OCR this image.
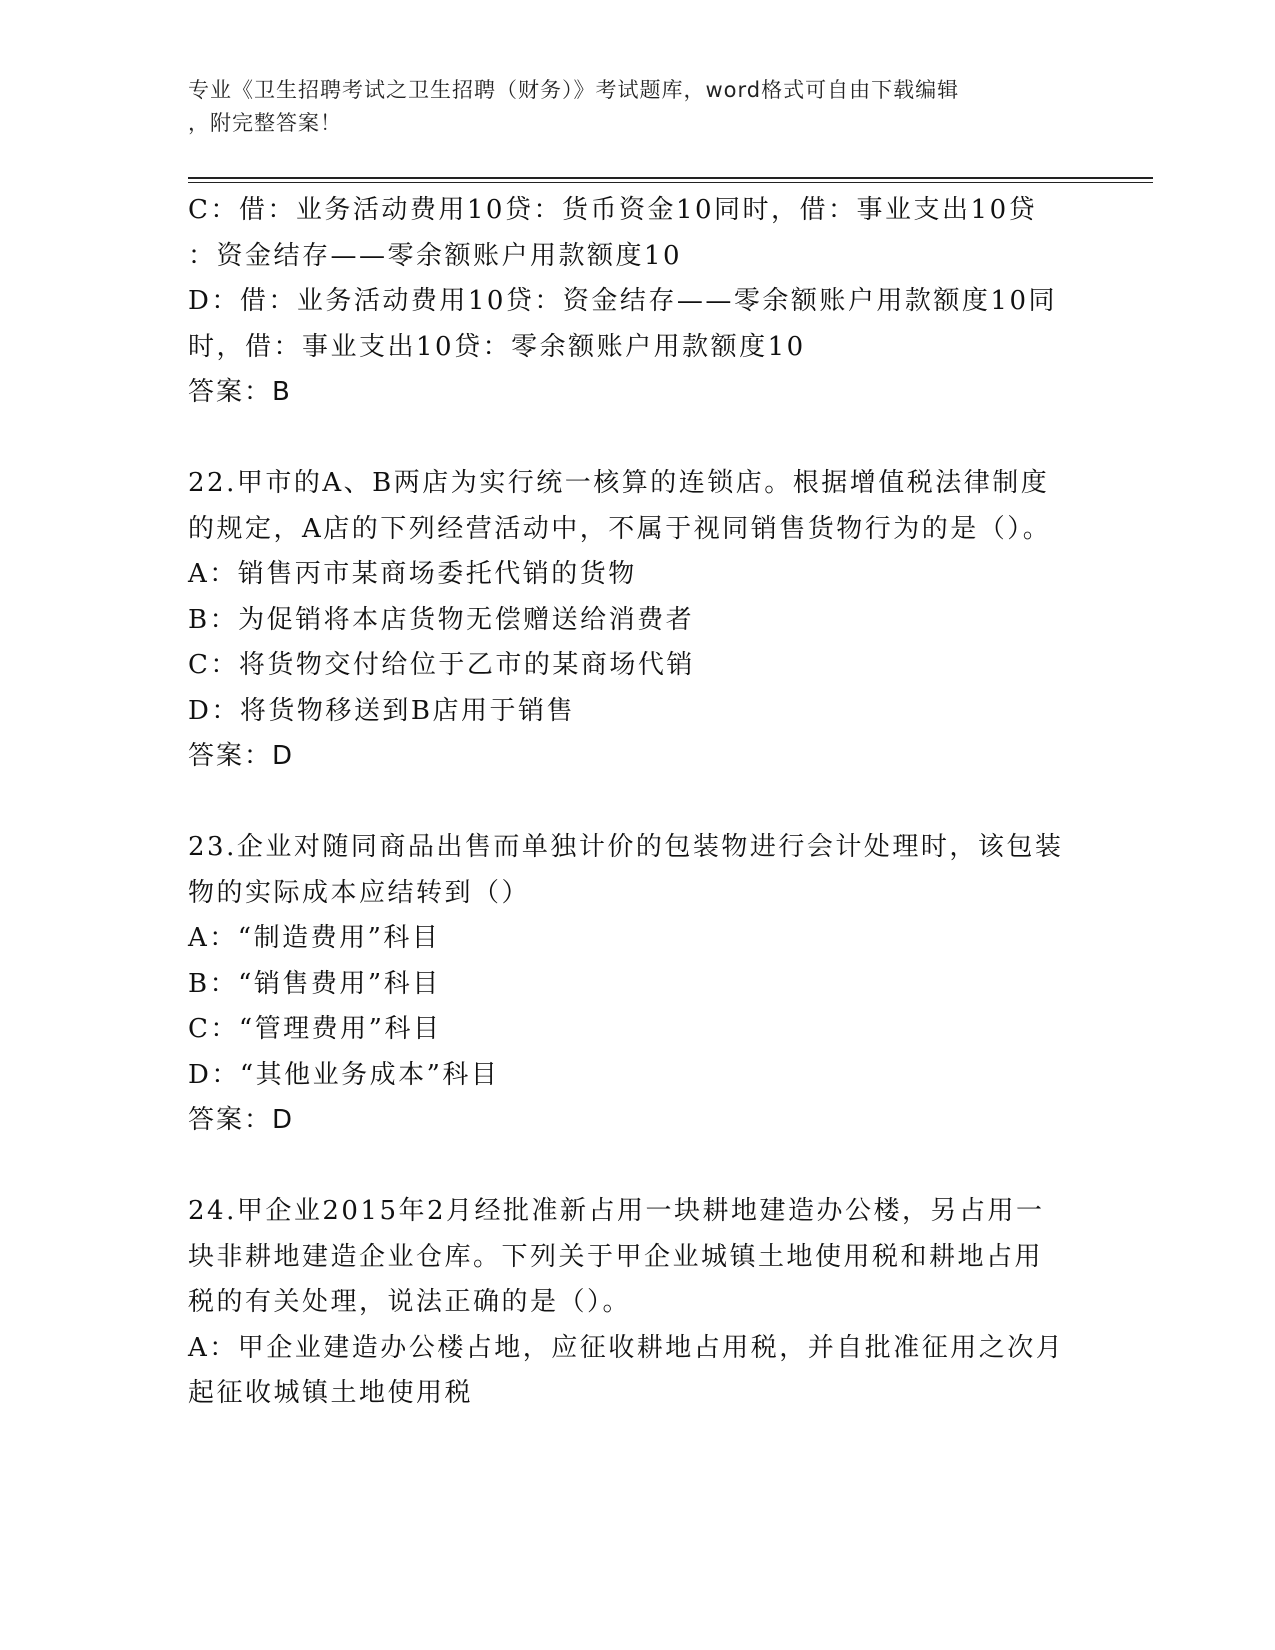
专业《卫生招聘考试之卫生招聘（财务）》考试题库，word格式可自由下载编辑
，附完整答案！
C：借：业务活动费用10贷：货币资金10同时，借：事业支出10贷
：资金结存——零余额账户用款额度10
D：借：业务活动费用10贷：资金结存——零余额账户用款额度10同
时，借：事业支出10贷：零余额账户用款额度10
答案：B
22.甲市的A、B两店为实行统一核算的连锁店。根据增值税法律制度
的规定，A店的下列经营活动中，不属于视同销售货物行为的是（）。
A：销售丙市某商场委托代销的货物
B：为促销将本店货物无偿赠送给消费者
C：将货物交付给位于乙市的某商场代销
D：将货物移送到B店用于销售
答案：D
23.企业对随同商品出售而单独计价的包装物进行会计处理时，该包装
物的实际成本应结转到（）
A：“制造费用”科目
B：“销售费用”科目
C：“管理费用”科目
D：“其他业务成本”科目
答案：D
24.甲企业2015年2月经批准新占用一块耕地建造办公楼，另占用一
块非耕地建造企业仓库。下列关于甲企业城镇土地使用税和耕地占用
税的有关处理，说法正确的是（）。
A：甲企业建造办公楼占地，应征收耕地占用税，并自批准征用之次月
起征收城镇土地使用税
